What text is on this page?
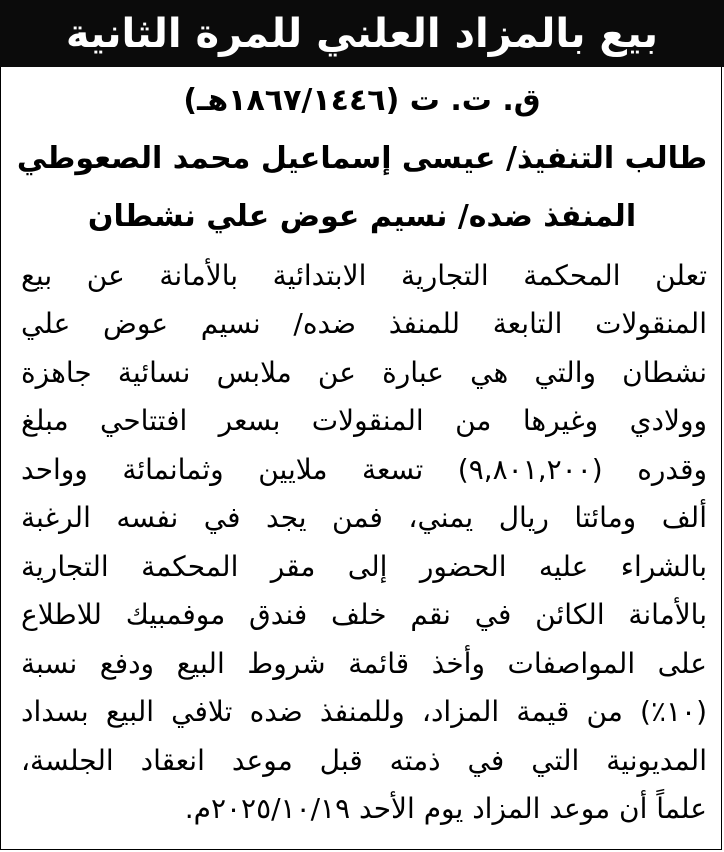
بيع بالمزاد العلني للمرة الثانية
ق. ت. ت (١٨٦٧/١٤٤٦هـ)
طالب التنفيذ/ عيسى إسماعيل محمد الصعوطي
المنفذ ضده/ نسيم عوض علي نشطان
تعلن المحكمة التجارية الابتدائية بالأمانة عن بيع
المنقولات التابعة للمنفذ ضده/ نسيم عوض علي
نشطان والتي هي عبارة عن ملابس نسائية جاهزة
وولادي وغيرها من المنقولات بسعر افتتاحي مبلغ
وقدره (٩,٨٠١,٢٠٠) تسعة ملايين وثمانمائة وواحد
ألف ومائتا ريال يمني، فمن يجد في نفسه الرغبة
بالشراء عليه الحضور إلى مقر المحكمة التجارية
بالأمانة الكائن في نقم خلف فندق موفمبيك للاطلاع
على المواصفات وأخذ قائمة شروط البيع ودفع نسبة
(١٠٪) من قيمة المزاد، وللمنفذ ضده تلافي البيع بسداد
المديونية التي في ذمته قبل موعد انعقاد الجلسة،
علماً أن موعد المزاد يوم الأحد ٢٠٢٥/١٠/١٩م.
